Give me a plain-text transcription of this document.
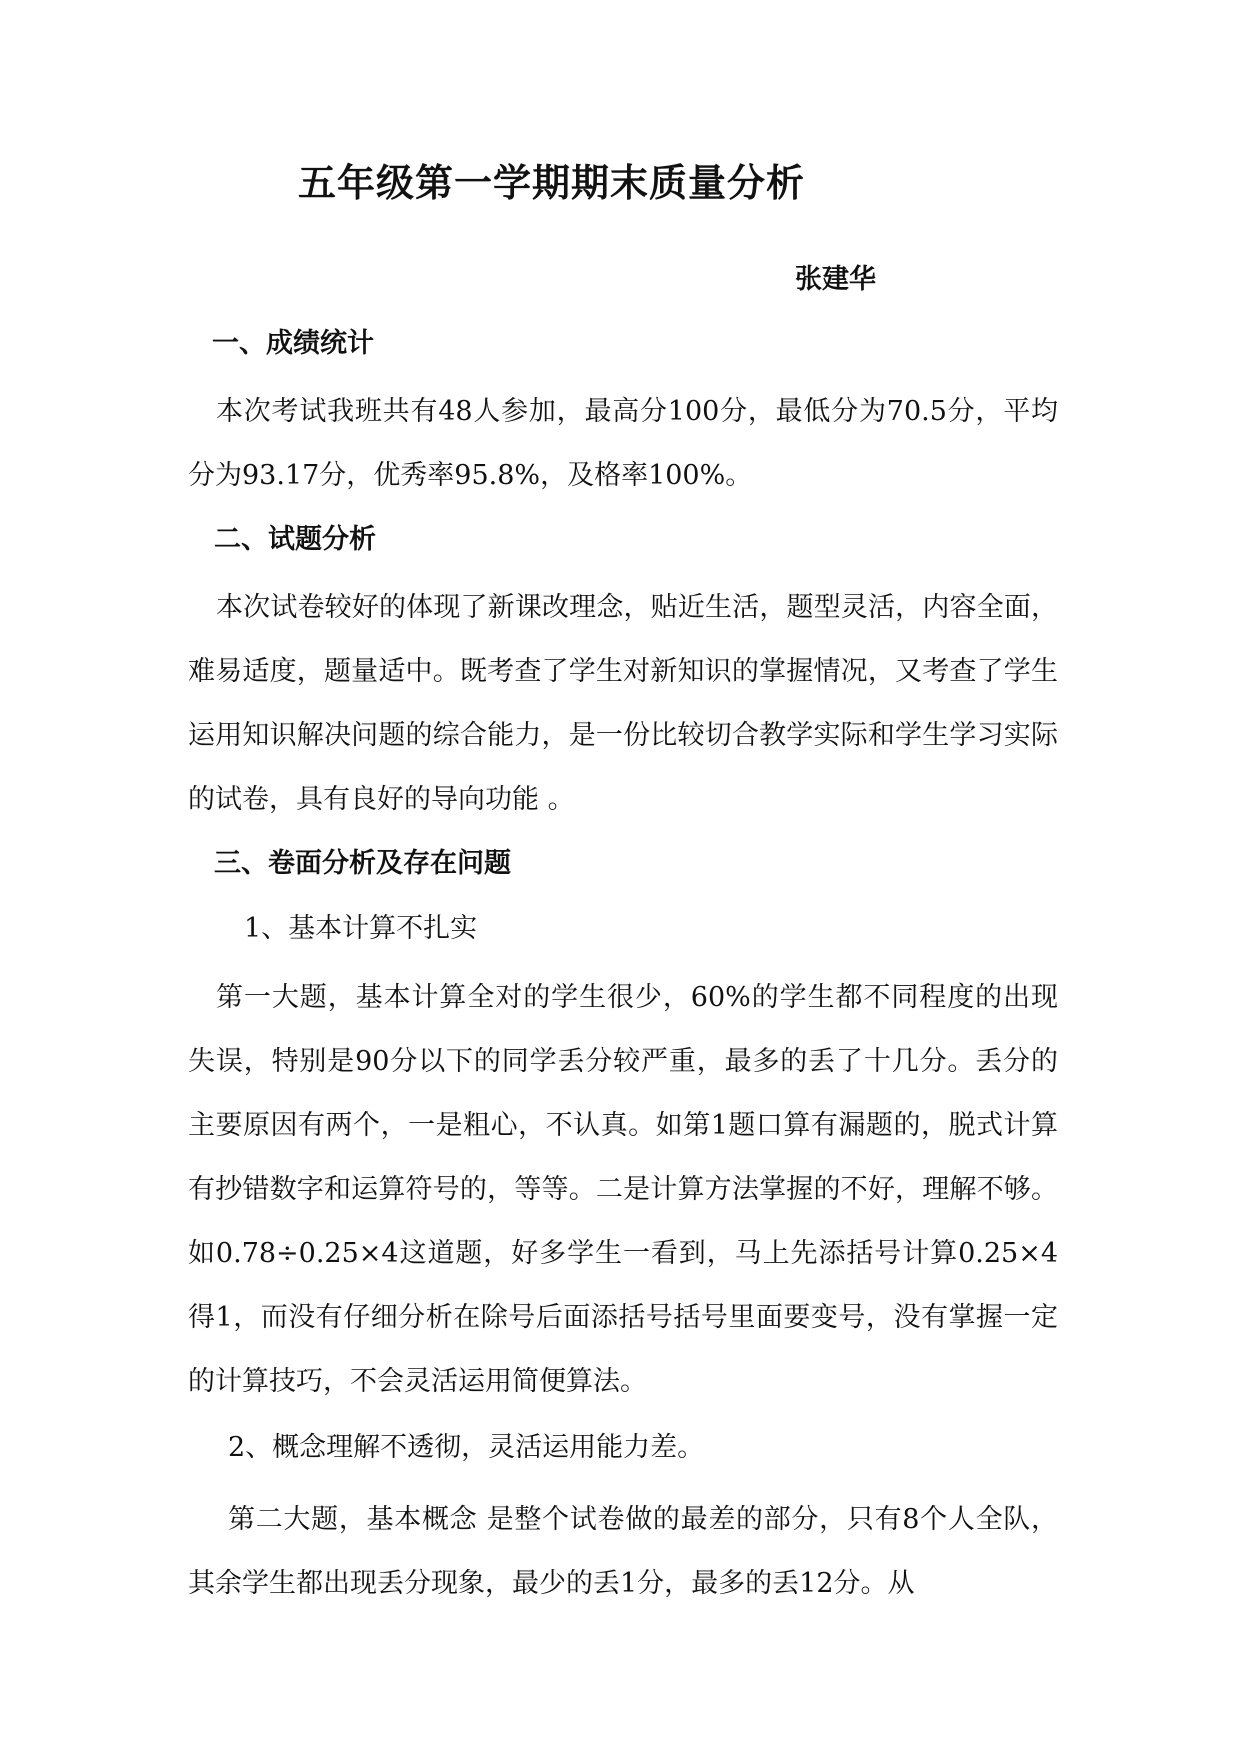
五年级第一学期期末质量分析
张建华
一、成绩统计
本次考试我班共有48人参加，最高分100分，最低分为70.5分，平均分为93.17分，优秀率95.8%，及格率100%。
二、试题分析
本次试卷较好的体现了新课改理念，贴近生活，题型灵活，内容全面，难易适度，题量适中。既考查了学生对新知识的掌握情况，又考查了学生运用知识解决问题的综合能力，是一份比较切合教学实际和学生学习实际的试卷，具有良好的导向功能 。
三、卷面分析及存在问题
1、基本计算不扎实
第一大题，基本计算全对的学生很少，60%的学生都不同程度的出现失误，特别是90分以下的同学丢分较严重，最多的丢了十几分。丢分的主要原因有两个，一是粗心，不认真。如第1题口算有漏题的，脱式计算有抄错数字和运算符号的，等等。二是计算方法掌握的不好，理解不够。如0.78÷0.25×4这道题，好多学生一看到，马上先添括号计算0.25×4得1，而没有仔细分析在除号后面添括号括号里面要变号，没有掌握一定的计算技巧，不会灵活运用简便算法。
2、概念理解不透彻，灵活运用能力差。
第二大题，基本概念 是整个试卷做的最差的部分，只有8个人全队，其余学生都出现丢分现象，最少的丢1分，最多的丢12分。从
